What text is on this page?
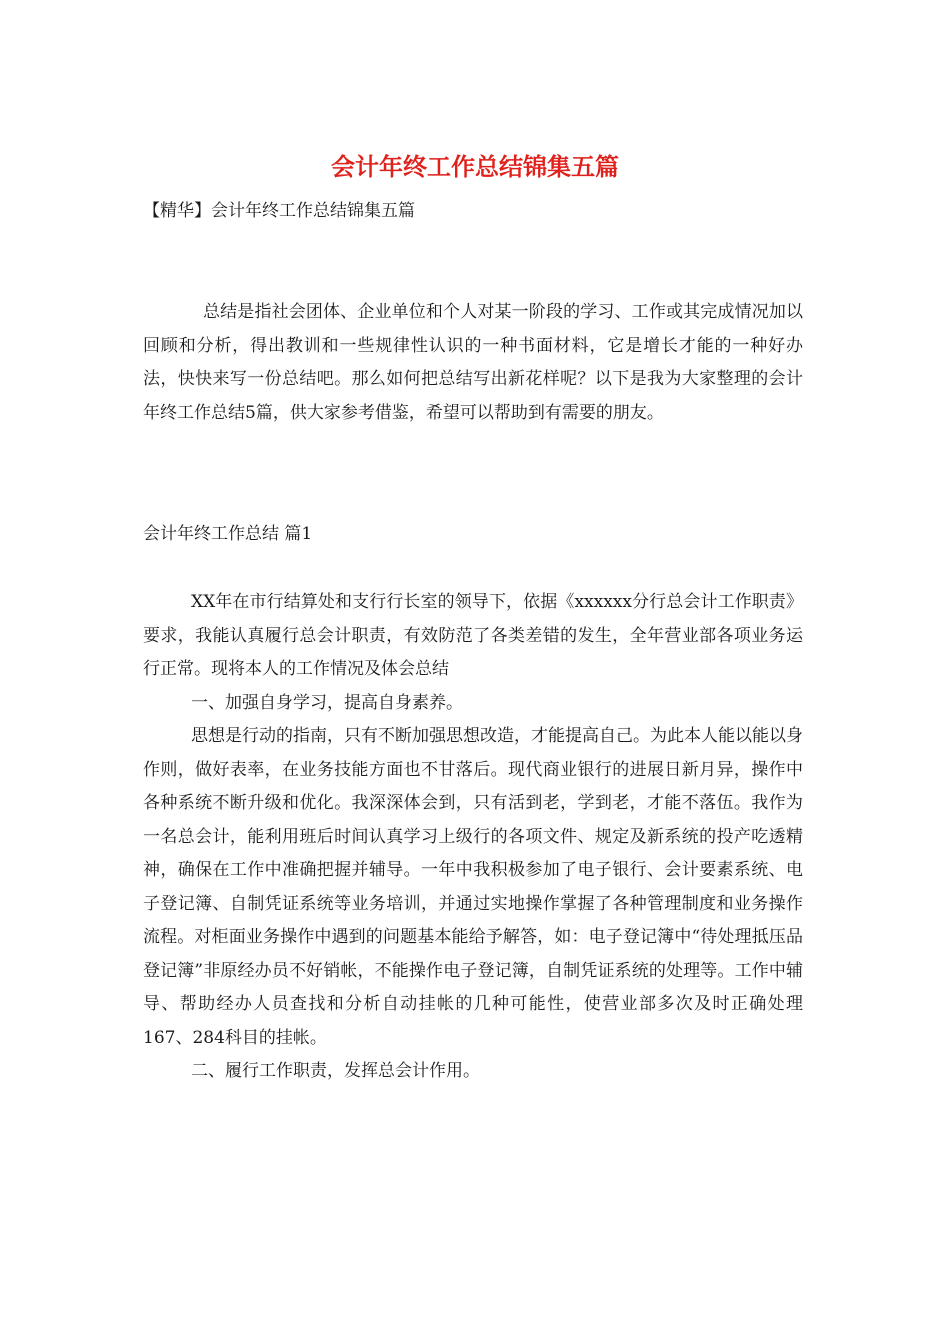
会计年终工作总结锦集五篇
【精华】会计年终工作总结锦集五篇
总结是指社会团体、企业单位和个人对某一阶段的学习、工作或其完成情况加以回顾和分析，得出教训和一些规律性认识的一种书面材料，它是增长才能的一种好办法，快快来写一份总结吧。那么如何把总结写出新花样呢？以下是我为大家整理的会计年终工作总结5篇，供大家参考借鉴，希望可以帮助到有需要的朋友。
会计年终工作总结 篇1

XX年在市行结算处和支行行长室的领导下，依据《xxxxxx分行总会计工作职责》要求，我能认真履行总会计职责，有效防范了各类差错的发生，全年营业部各项业务运行正常。现将本人的工作情况及体会总结

一、加强自身学习，提高自身素养。

思想是行动的指南，只有不断加强思想改造，才能提高自己。为此本人能以能以身作则，做好表率，在业务技能方面也不甘落后。现代商业银行的进展日新月异，操作中各种系统不断升级和优化。我深深体会到，只有活到老，学到老，才能不落伍。我作为一名总会计，能利用班后时间认真学习上级行的各项文件、规定及新系统的投产吃透精神，确保在工作中准确把握并辅导。一年中我积极参加了电子银行、会计要素系统、电子登记簿、自制凭证系统等业务培训，并通过实地操作掌握了各种管理制度和业务操作流程。对柜面业务操作中遇到的问题基本能给予解答，如：电子登记簿中“待处理抵压品登记簿”非原经办员不好销帐，不能操作电子登记簿，自制凭证系统的处理等。工作中辅导、帮助经办人员查找和分析自动挂帐的几种可能性，使营业部多次及时正确处理167、284科目的挂帐。

二、履行工作职责，发挥总会计作用。
